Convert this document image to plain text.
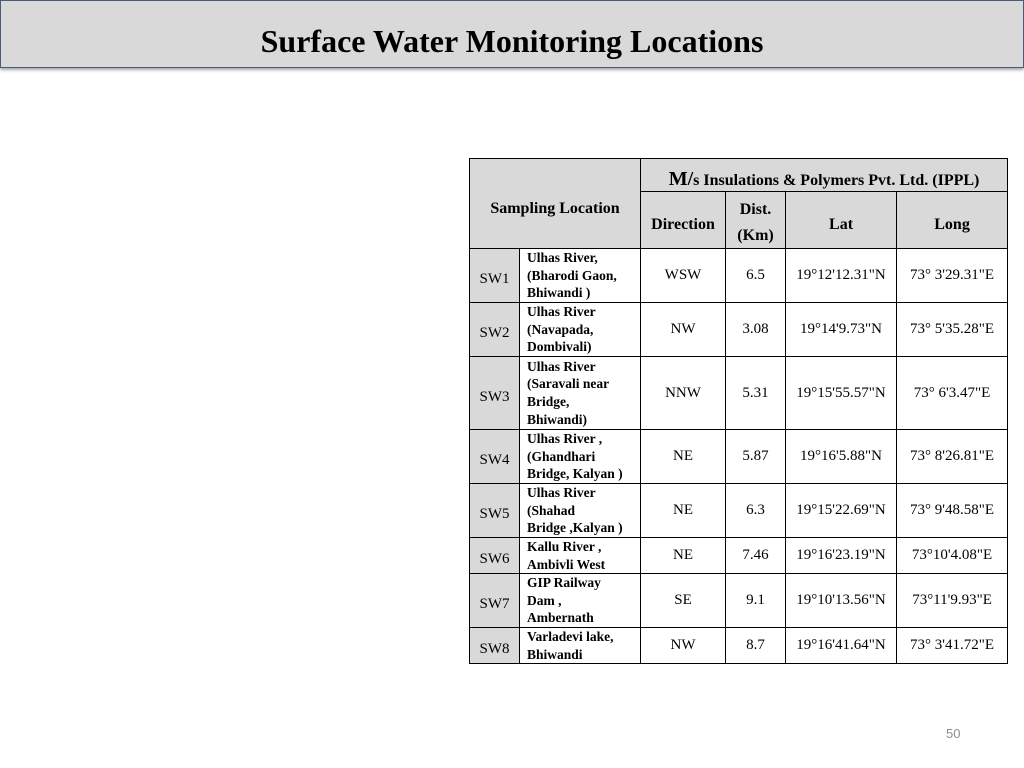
Surface Water Monitoring Locations
Sampling Location		M/s Insulations & Polymers Pvt. Ltd. (IPPL)			
		Direction	Dist.
(Km)	Lat	Long
SW1	Ulhas River,
(Bharodi Gaon,
Bhiwandi )	WSW	6.5	19°12'12.31"N	73° 3'29.31"E
SW2	Ulhas River
(Navapada,
Dombivali)	NW	3.08	19°14'9.73"N	73° 5'35.28"E
SW3	Ulhas River
(Saravali near
Bridge,
Bhiwandi)	NNW	5.31	19°15'55.57"N	73° 6'3.47"E
SW4	Ulhas River ,
(Ghandhari
Bridge, Kalyan )	NE	5.87	19°16'5.88"N	73° 8'26.81"E
SW5	Ulhas River
(Shahad
Bridge ,Kalyan )	NE	6.3	19°15'22.69"N	73° 9'48.58"E
SW6	Kallu River ,
Ambivli West	NE	7.46	19°16'23.19"N	73°10'4.08"E
SW7	GIP Railway
Dam ,
Ambernath	SE	9.1	19°10'13.56"N	73°11'9.93"E
SW8	Varladevi lake,
Bhiwandi	NW	8.7	19°16'41.64"N	73° 3'41.72"E
50
